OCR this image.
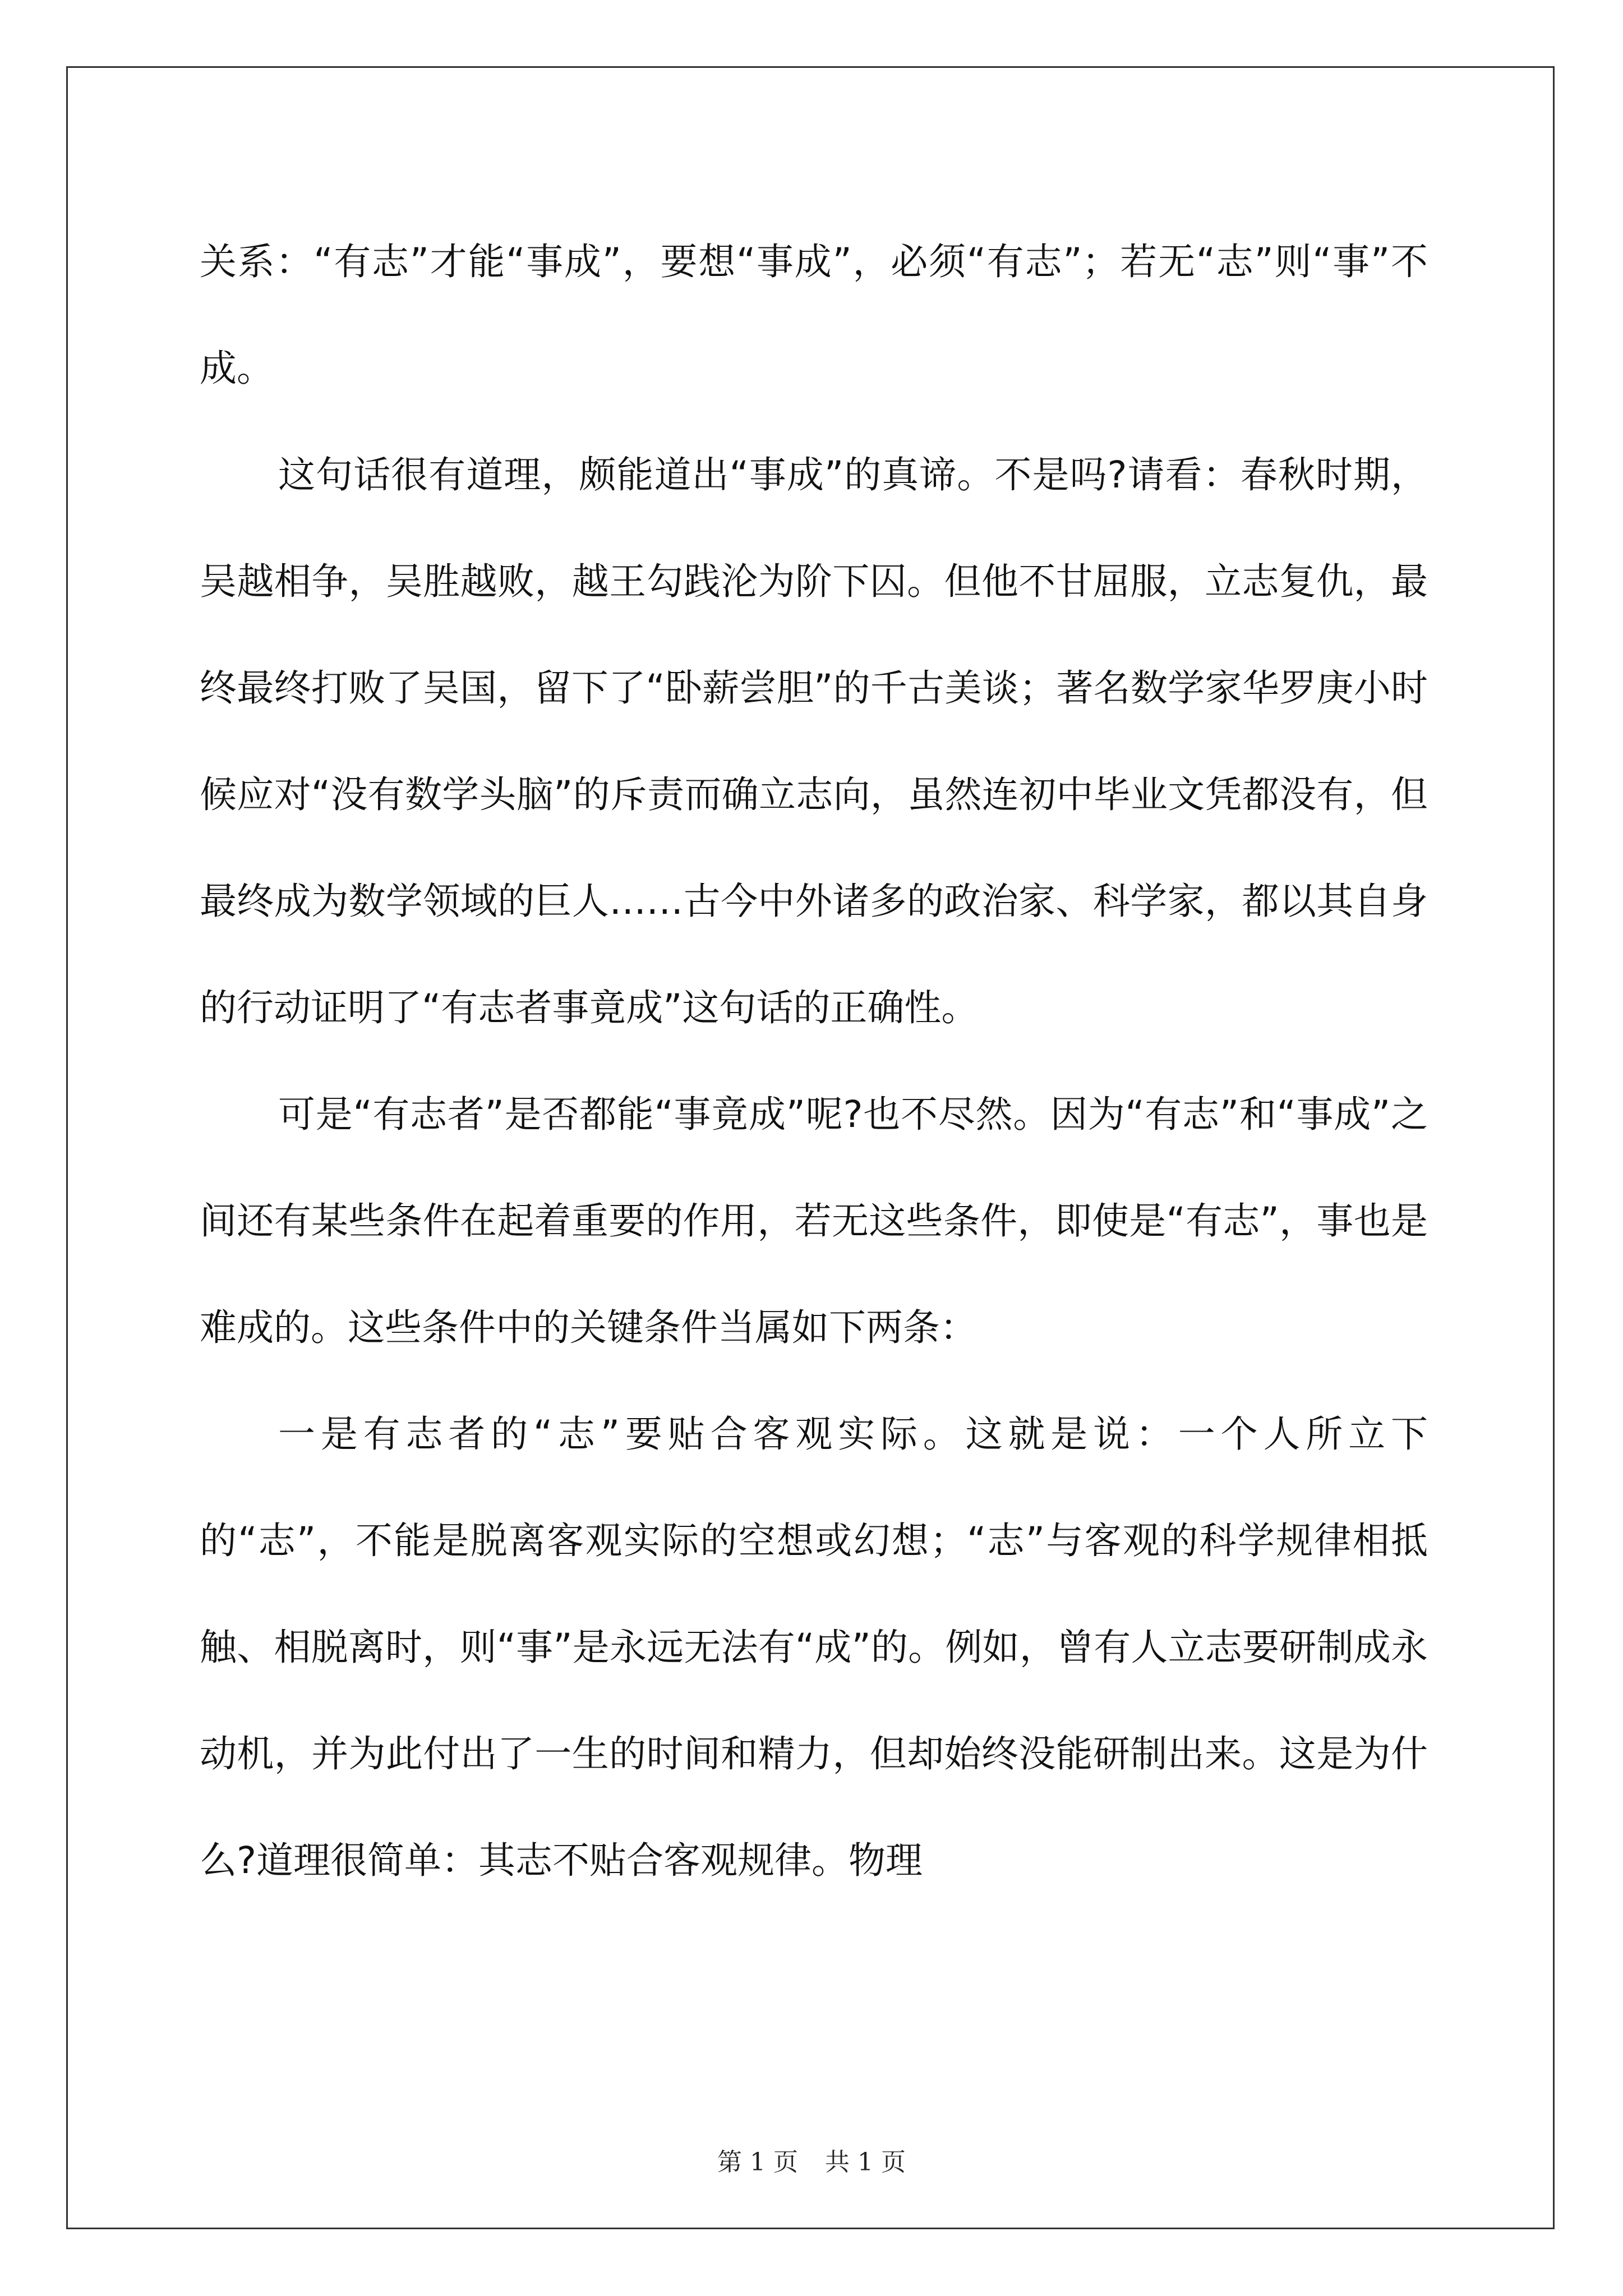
关系：“有志”才能“事成”，要想“事成”，必须“有志”；若无“志”则“事”不成。

这句话很有道理，颇能道出“事成”的真谛。不是吗?请看：春秋时期，吴越相争，吴胜越败，越王勾践沦为阶下囚。但他不甘屈服，立志复仇，最终最终打败了吴国，留下了“卧薪尝胆”的千古美谈；著名数学家华罗庚小时候应对“没有数学头脑”的斥责而确立志向，虽然连初中毕业文凭都没有，但最终成为数学领域的巨人……古今中外诸多的政治家、科学家，都以其自身的行动证明了“有志者事竟成”这句话的正确性。

可是“有志者”是否都能“事竟成”呢?也不尽然。因为“有志”和“事成”之间还有某些条件在起着重要的作用，若无这些条件，即使是“有志”，事也是难成的。这些条件中的关键条件当属如下两条：

一是有志者的“志”要贴合客观实际。这就是说：一个人所立下的“志”，不能是脱离客观实际的空想或幻想；“志”与客观的科学规律相抵触、相脱离时，则“事”是永远无法有“成”的。例如，曾有人立志要研制成永动机，并为此付出了一生的时间和精力，但却始终没能研制出来。这是为什么?道理很简单：其志不贴合客观规律。物理

第 1 页 共 1 页
